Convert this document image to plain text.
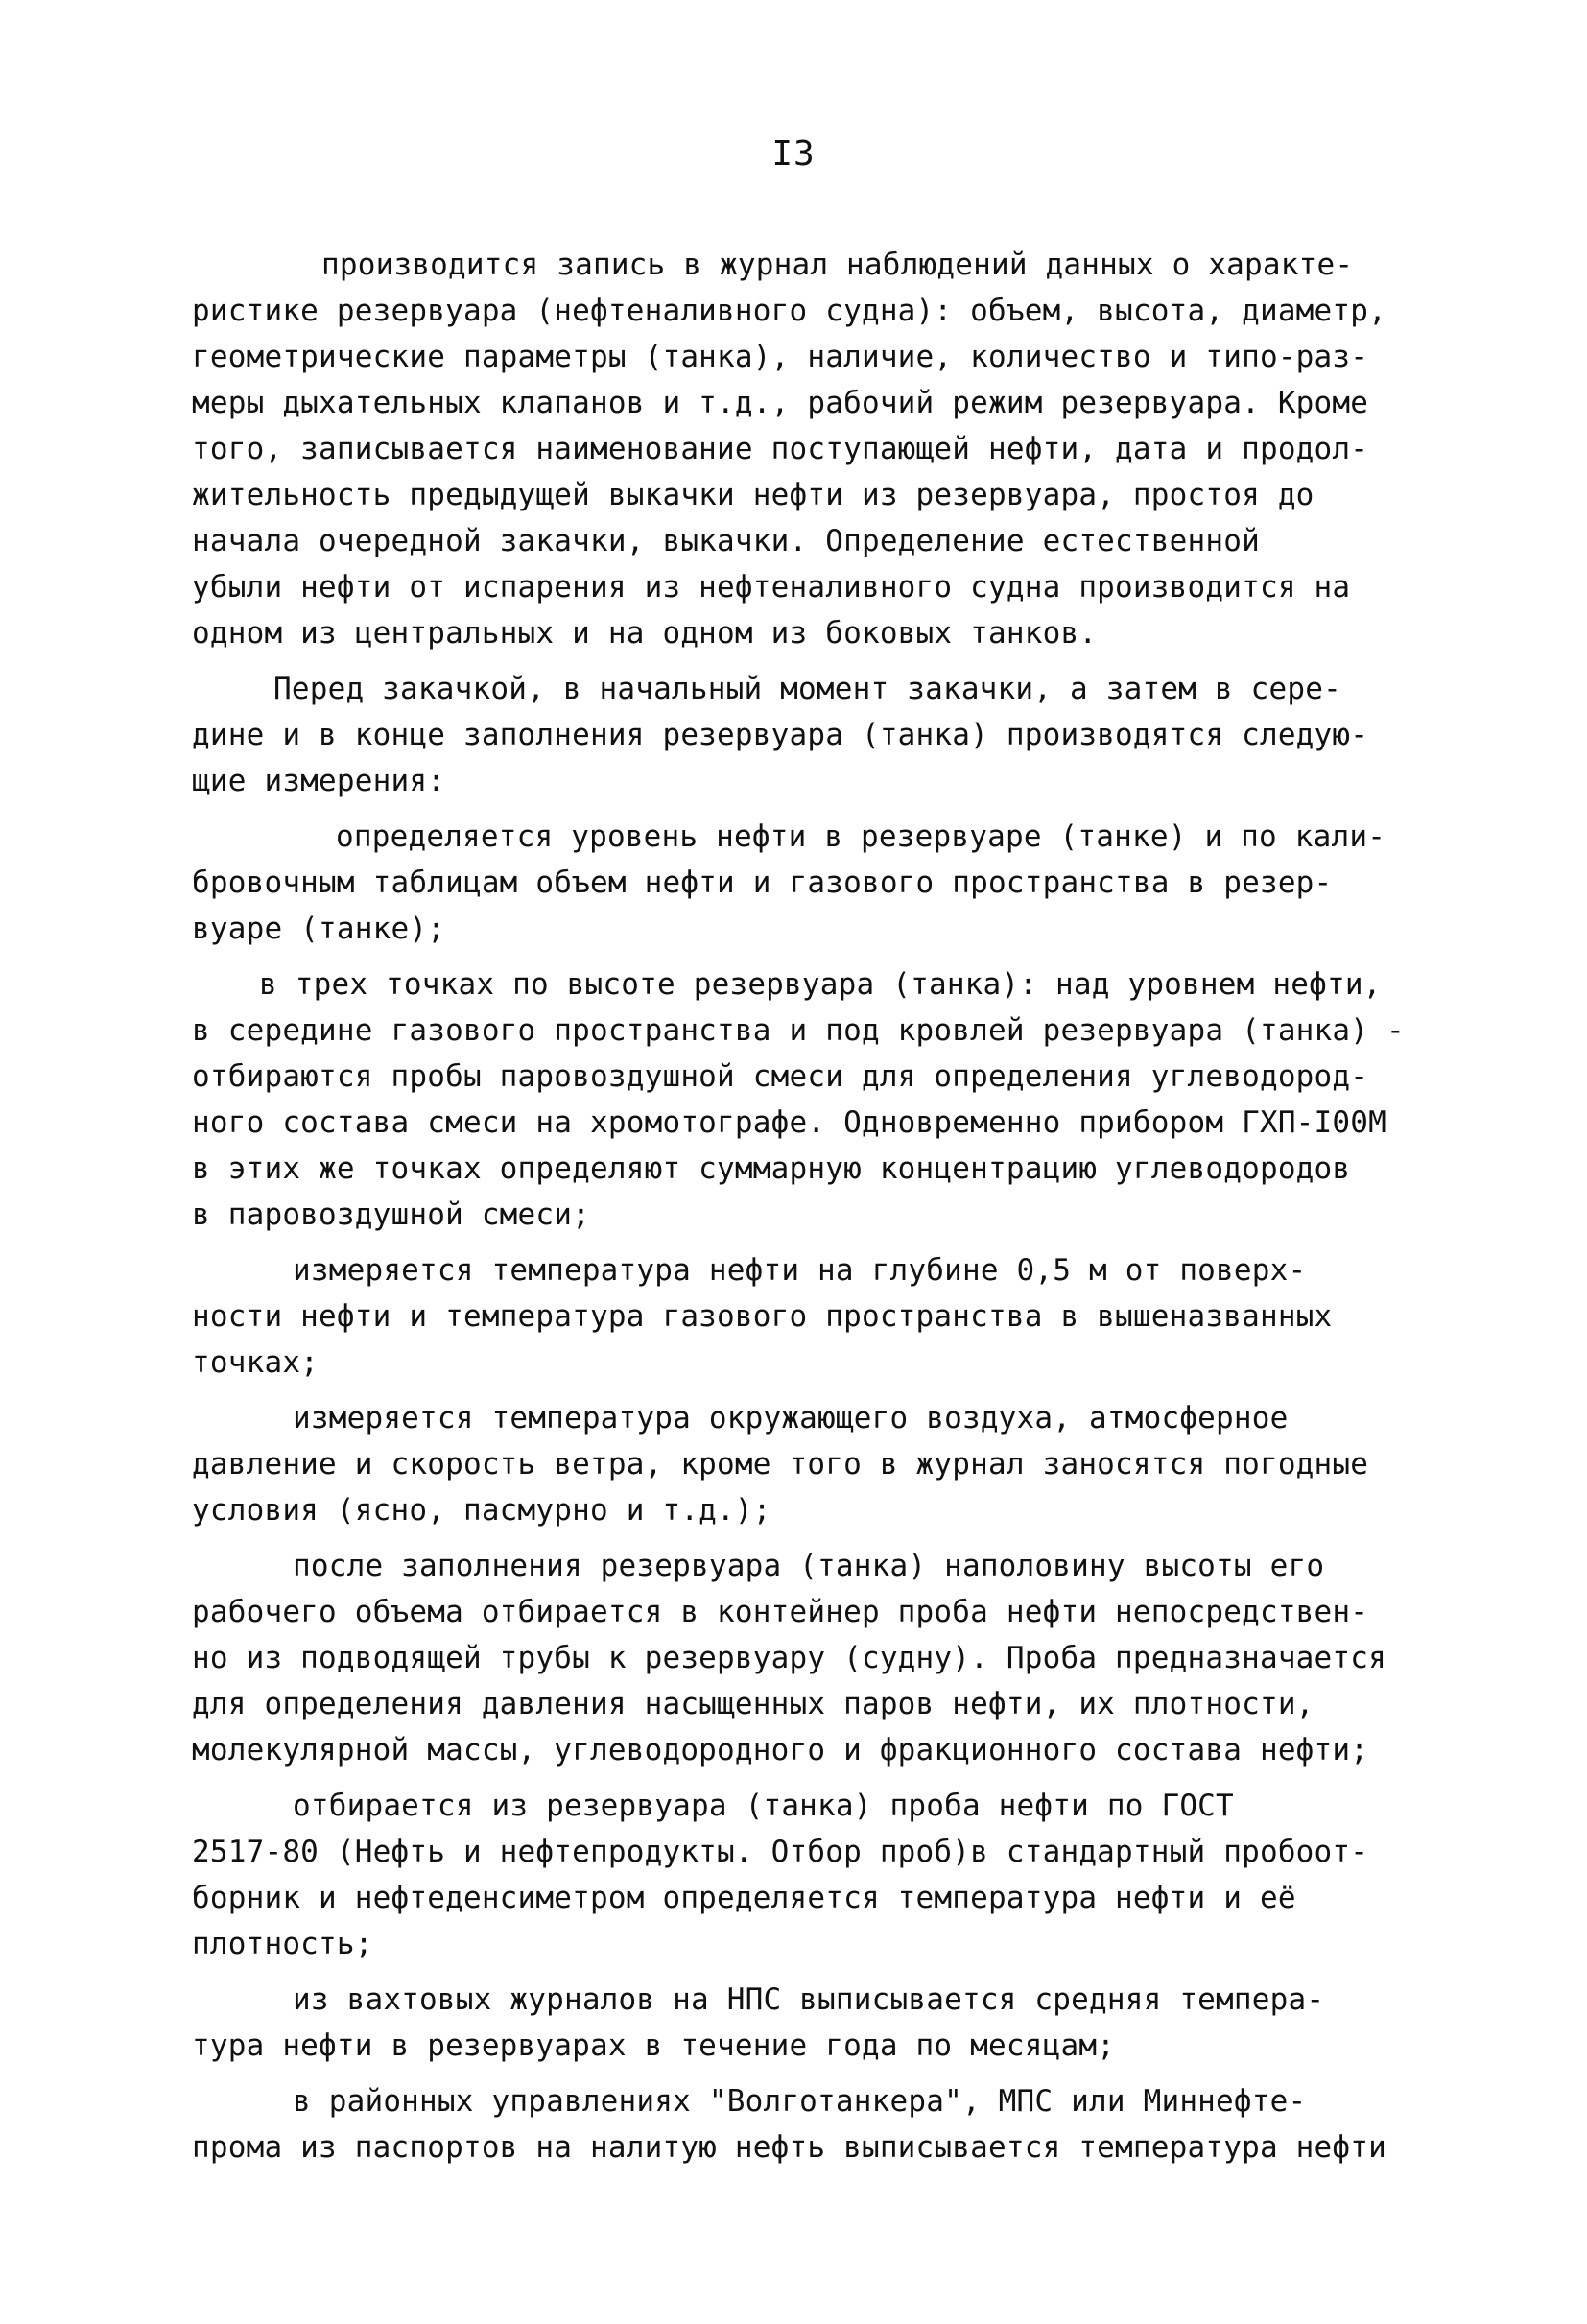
I3
производится запись в журнал наблюдений данных о характе-
ристике резервуара (нефтеналивного судна): объем, высота, диаметр,
геометрические параметры (танка), наличие, количество и типо-раз-
меры дыхательных клапанов и т.д., рабочий режим резервуара. Кроме
того, записывается наименование поступающей нефти, дата и продол-
жительность предыдущей выкачки нефти из резервуара, простоя до
начала очередной закачки, выкачки. Определение естественной
убыли нефти от испарения из нефтеналивного судна производится на
одном из центральных и на одном из боковых танков.
Перед закачкой, в начальный момент закачки, а затем в сере-
дине и в конце заполнения резервуара (танка) производятся следую-
щие измерения:
определяется уровень нефти в резервуаре (танке) и по кали-
бровочным таблицам объем нефти и газового пространства в резер-
вуаре (танке);
в трех точках по высоте резервуара (танка): над уровнем нефти,
в середине газового пространства и под кровлей резервуара (танка) -
отбираются пробы паровоздушной смеси для определения углеводород-
ного состава смеси на хромотографе. Одновременно прибором ГХП-I00М
в этих же точках определяют суммарную концентрацию углеводородов
в паровоздушной смеси;
измеряется температура нефти на глубине 0,5 м от поверх-
ности нефти и температура газового пространства в вышеназванных
точках;
измеряется температура окружающего воздуха, атмосферное
давление и скорость ветра, кроме того в журнал заносятся погодные
условия (ясно, пасмурно и т.д.);
после заполнения резервуара (танка) наполовину высоты его
рабочего объема отбирается в контейнер проба нефти непосредствен-
но из подводящей трубы к резервуару (судну). Проба предназначается
для определения давления насыщенных паров нефти, их плотности,
молекулярной массы, углеводородного и фракционного состава нефти;
отбирается из резервуара (танка) проба нефти по ГОСТ
2517-80 (Нефть и нефтепродукты. Отбор проб)в стандартный пробоот-
борник и нефтеденсиметром определяется температура нефти и её
плотность;
из вахтовых журналов на НПС выписывается средняя темпера-
тура нефти в резервуарах в течение года по месяцам;
в районных управлениях "Волготанкера", МПС или Миннефте-
прома из паспортов на налитую нефть выписывается температура нефти
